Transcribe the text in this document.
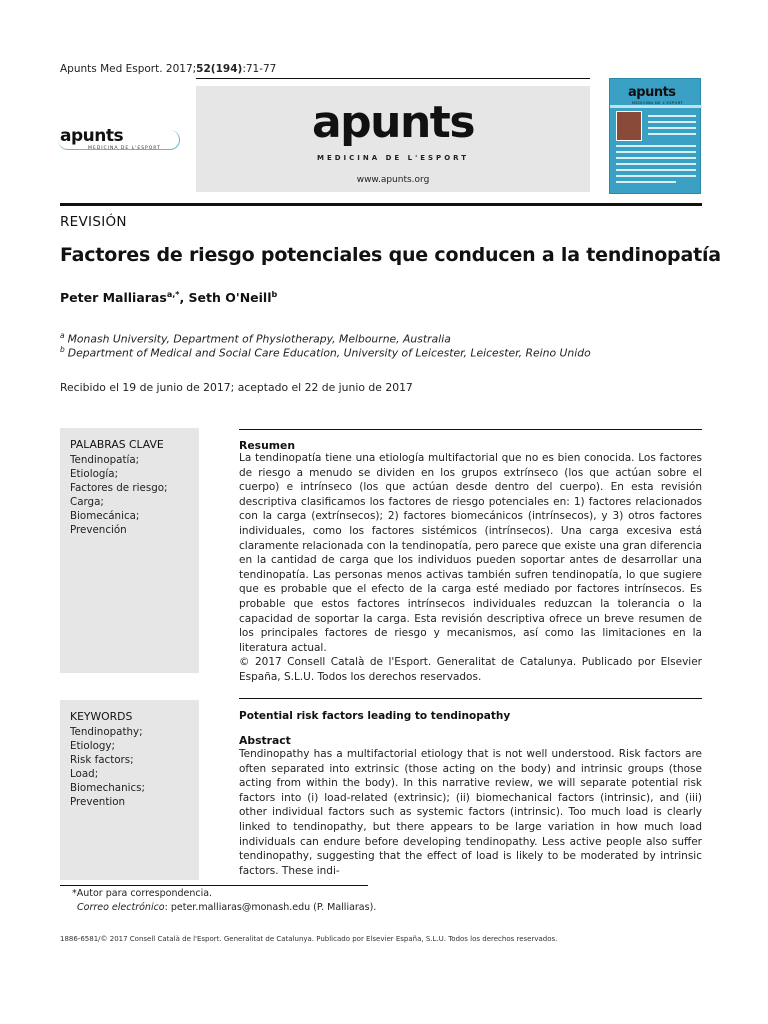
Apunts Med Esport. 2017;52(194):71-77
apunts
MEDICINA DE L'ESPORT
apunts
MEDICINA DE L'ESPORT
www.apunts.org
apunts
MEDICINA DE L'ESPORT
REVISIÓN
Factores de riesgo potenciales que conducen a la tendinopatía
Peter Malliaras$^{a,*}$, Seth O'Neill$^b$
$^a$ Monash University, Department of Physiotherapy, Melbourne, Australia
$^b$ Department of Medical and Social Care Education, University of Leicester, Leicester, Reino Unido
Recibido el 19 de junio de 2017; aceptado el 22 de junio de 2017
PALABRAS CLAVE
Tendinopatía;
Etiología;
Factores de riesgo;
Carga;
Biomecánica;
Prevención
Resumen
La tendinopatía tiene una etiología multifactorial que no es bien conocida. Los factores de riesgo a menudo se dividen en los grupos extrínseco (los que actúan sobre el cuerpo) e intrínseco (los que actúan desde dentro del cuerpo). En esta revisión descriptiva clasificamos los factores de riesgo potenciales en: 1) factores relacionados con la carga (extrínsecos); 2) factores biomecánicos (intrínsecos), y 3) otros factores individuales, como los factores sistémicos (intrínsecos). Una carga excesiva está claramente relacionada con la tendinopatía, pero parece que existe una gran diferencia en la cantidad de carga que los individuos pueden soportar antes de desarrollar una tendinopatía. Las personas menos activas también sufren tendinopatía, lo que sugiere que es probable que el efecto de la carga esté mediado por factores intrínsecos. Es probable que estos factores intrínsecos individuales reduzcan la tolerancia o la capacidad de soportar la carga. Esta revisión descriptiva ofrece un breve resumen de los principales factores de riesgo y mecanismos, así como las limitaciones en la literatura actual.
© 2017 Consell Català de l'Esport. Generalitat de Catalunya. Publicado por Elsevier España, S.L.U. Todos los derechos reservados.
KEYWORDS
Tendinopathy;
Etiology;
Risk factors;
Load;
Biomechanics;
Prevention
Potential risk factors leading to tendinopathy
Abstract
Tendinopathy has a multifactorial etiology that is not well understood. Risk factors are often separated into extrinsic (those acting on the body) and intrinsic groups (those acting from within the body). In this narrative review, we will separate potential risk factors into (i) load-related (extrinsic); (ii) biomechanical factors (intrinsic), and (iii) other individual factors such as systemic factors (intrinsic). Too much load is clearly linked to tendinopathy, but there appears to be large variation in how much load individuals can endure before developing tendinopathy. Less active people also suffer tendinopathy, suggesting that the effect of load is likely to be moderated by intrinsic factors. These indi-
*Autor para correspondencia.
Correo electrónico: peter.malliaras@monash.edu (P. Malliaras).
1886-6581/© 2017 Consell Català de l'Esport. Generalitat de Catalunya. Publicado por Elsevier España, S.L.U. Todos los derechos reservados.
